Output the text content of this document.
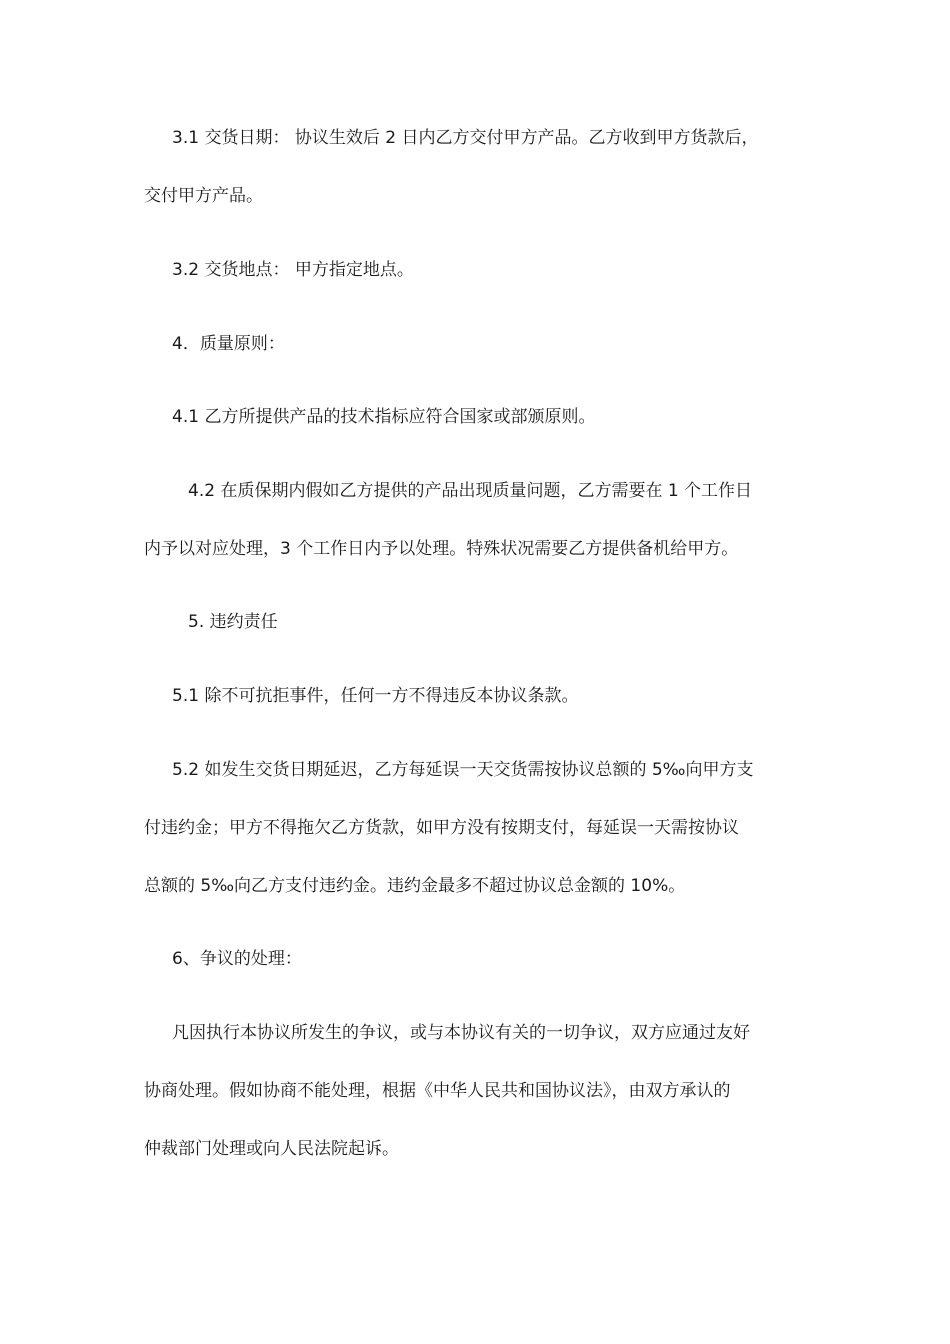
3.1 交货日期： 协议生效后 2 日内乙方交付甲方产品。乙方收到甲方货款后，
交付甲方产品。
3.2 交货地点： 甲方指定地点。
4．质量原则：
4.1 乙方所提供产品的技术指标应符合国家或部颁原则。
4.2 在质保期内假如乙方提供的产品出现质量问题，乙方需要在 1 个工作日
内予以对应处理，3 个工作日内予以处理。特殊状况需要乙方提供备机给甲方。
5. 违约责任
5.1 除不可抗拒事件，任何一方不得违反本协议条款。
5.2 如发生交货日期延迟，乙方每延误一天交货需按协议总额的 5‰向甲方支
付违约金；甲方不得拖欠乙方货款，如甲方没有按期支付，每延误一天需按协议
总额的 5‰向乙方支付违约金。违约金最多不超过协议总金额的 10%。
6、争议的处理：
凡因执行本协议所发生的争议，或与本协议有关的一切争议，双方应通过友好
协商处理。假如协商不能处理，根据《中华人民共和国协议法》，由双方承认的
仲裁部门处理或向人民法院起诉。
